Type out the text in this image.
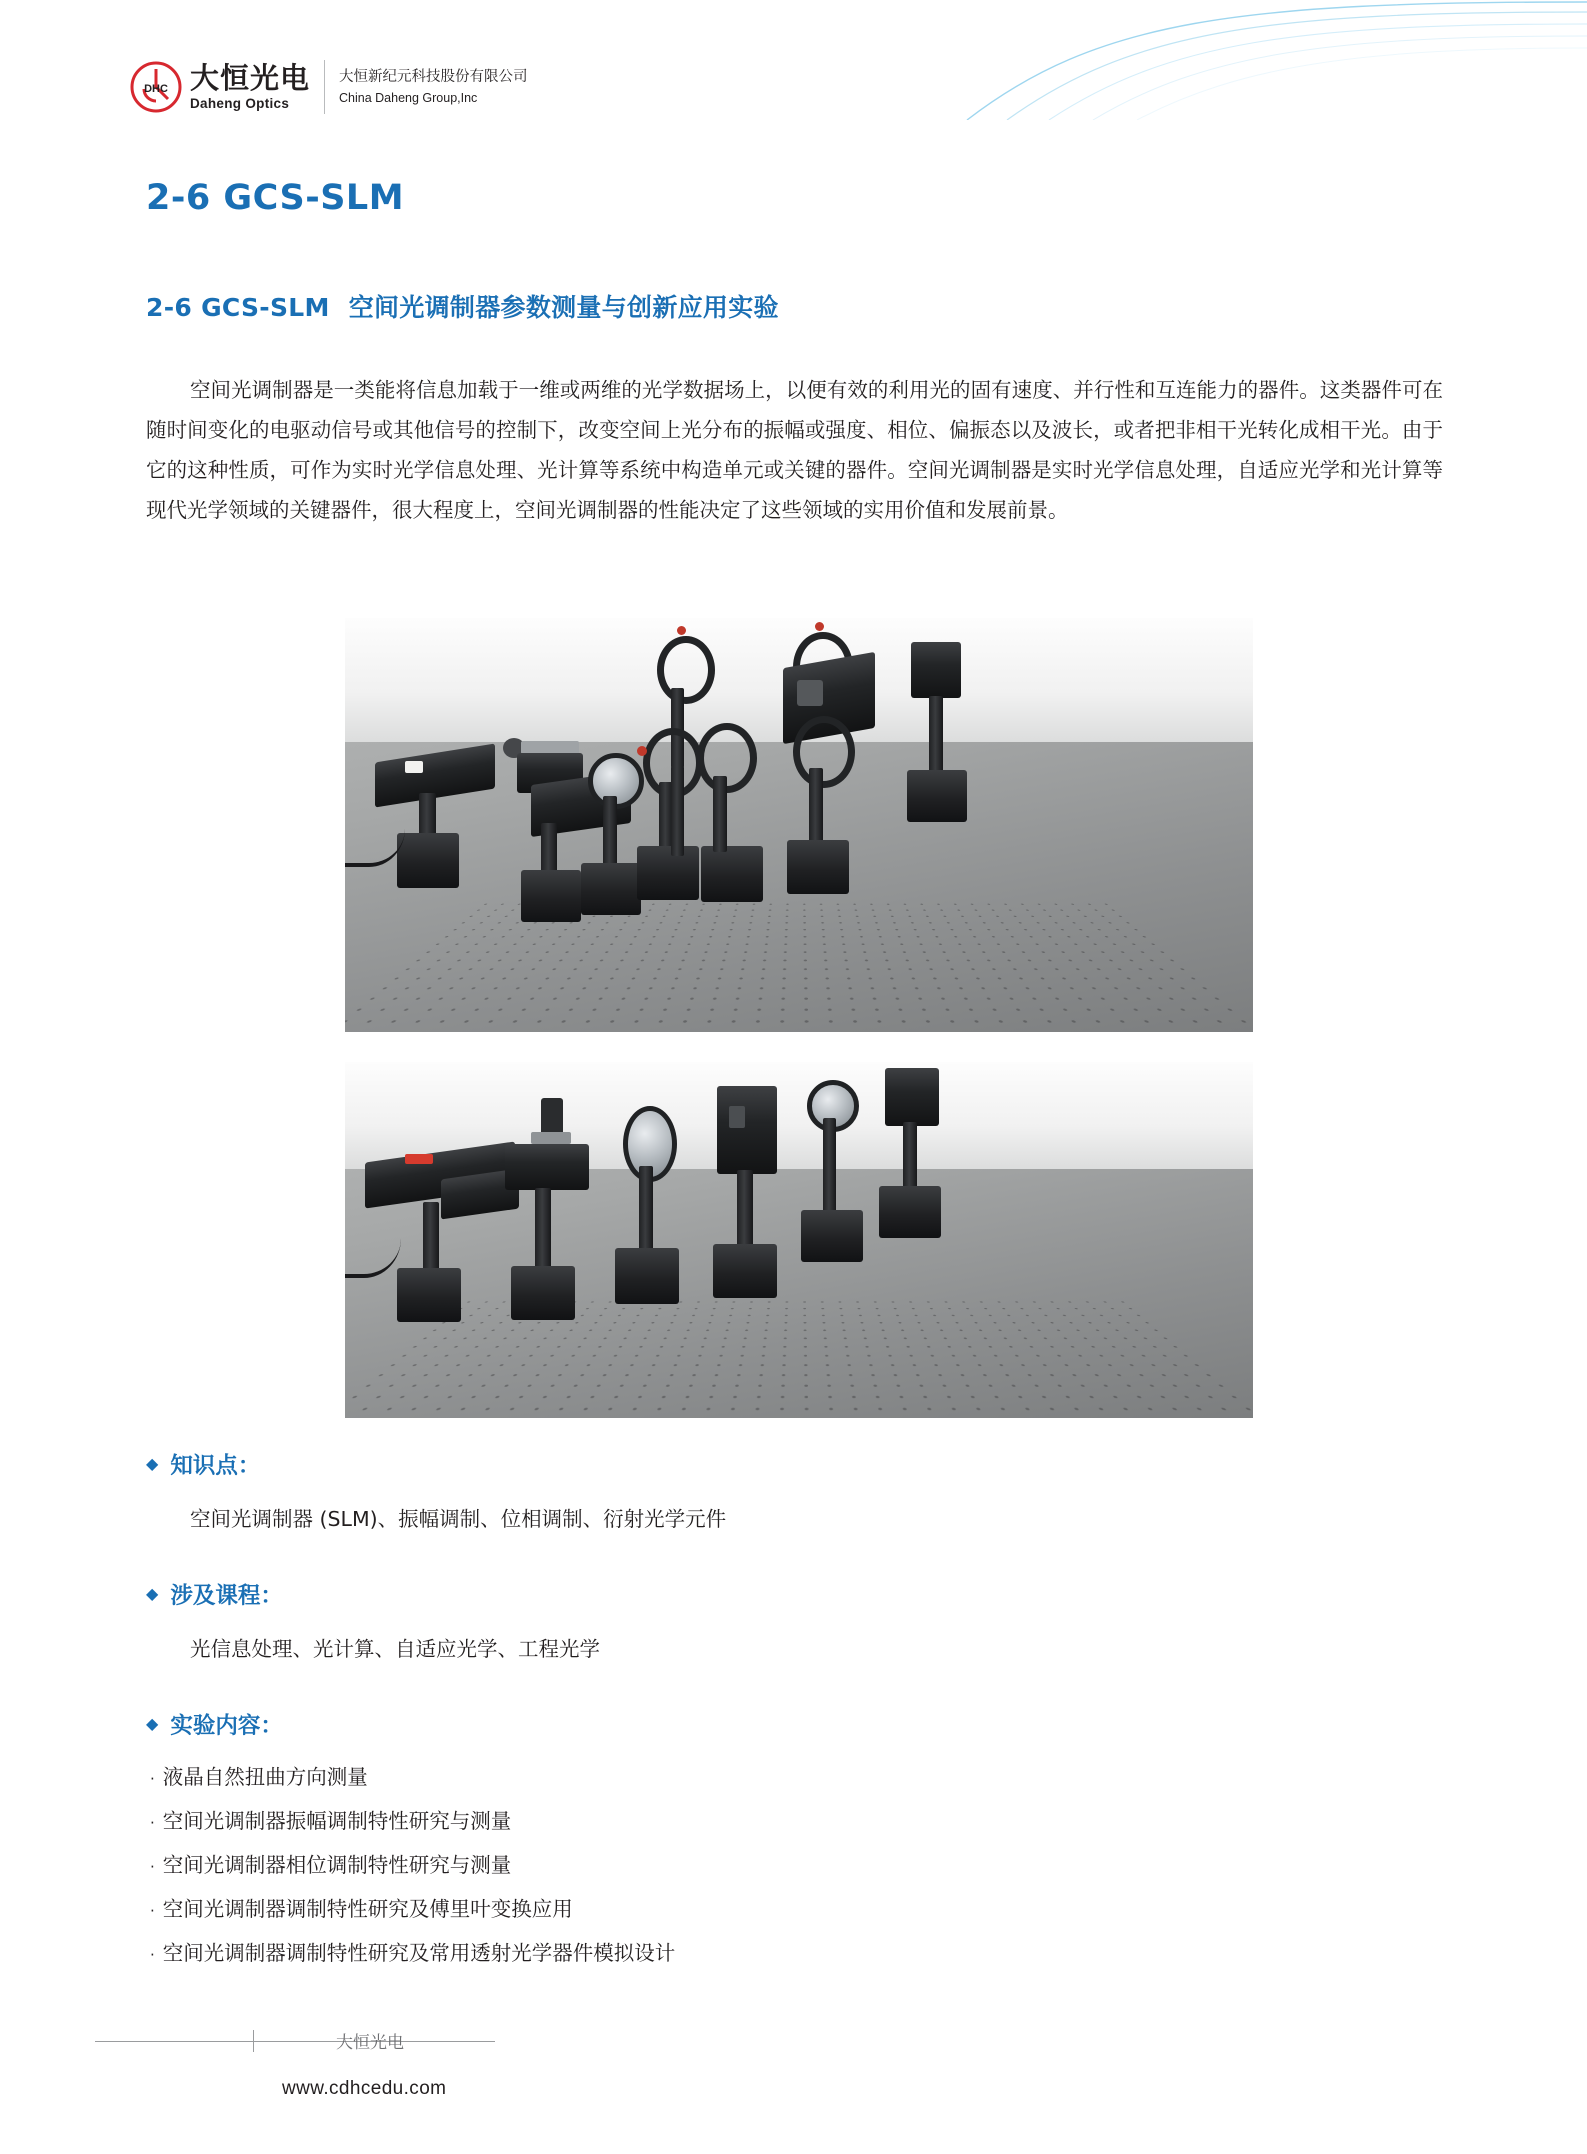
DHC 大恒光电
Daheng Optics
大恒新纪元科技股份有限公司
China Daheng Group,Inc
2-6 GCS-SLM
2-6 GCS-SLM 空间光调制器参数测量与创新应用实验
空间光调制器是一类能将信息加载于一维或两维的光学数据场上，以便有效的利用光的固有速度、并行性和互连能力的器件。这类器件可在随时间变化的电驱动信号或其他信号的控制下，改变空间上光分布的振幅或强度、相位、偏振态以及波长，或者把非相干光转化成相干光。由于它的这种性质，可作为实时光学信息处理、光计算等系统中构造单元或关键的器件。空间光调制器是实时光学信息处理，自适应光学和光计算等现代光学领域的关键器件，很大程度上，空间光调制器的性能决定了这些领域的实用价值和发展前景。
◆ 知识点：
空间光调制器 (SLM)、振幅调制、位相调制、衍射光学元件
◆ 涉及课程：
光信息处理、光计算、自适应光学、工程光学
◆ 实验内容：
· 液晶自然扭曲方向测量
· 空间光调制器振幅调制特性研究与测量
· 空间光调制器相位调制特性研究与测量
· 空间光调制器调制特性研究及傅里叶变换应用
· 空间光调制器调制特性研究及常用透射光学器件模拟设计
大恒光电
www.cdhcedu.com
